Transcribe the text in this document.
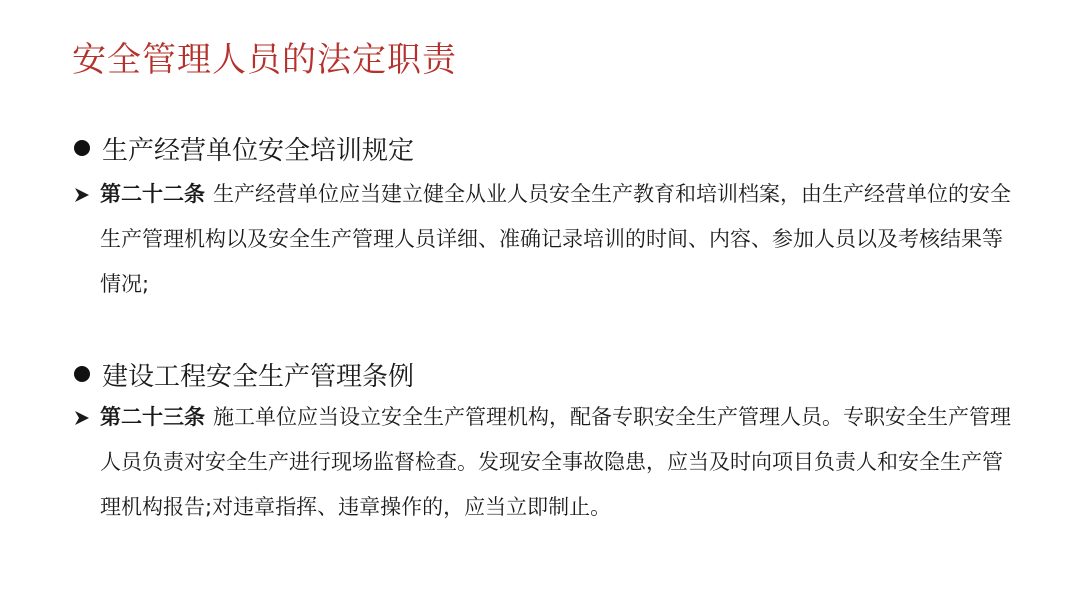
安全管理人员的法定职责
生产经营单位安全培训规定
第二十二条 生产经营单位应当建立健全从业人员安全生产教育和培训档案，由生产经营单位的安全生产管理机构以及安全生产管理人员详细、准确记录培训的时间、内容、参加人员以及考核结果等情况;
建设工程安全生产管理条例
第二十三条 施工单位应当设立安全生产管理机构，配备专职安全生产管理人员。专职安全生产管理人员负责对安全生产进行现场监督检查。发现安全事故隐患，应当及时向项目负责人和安全生产管理机构报告;对违章指挥、违章操作的，应当立即制止。
